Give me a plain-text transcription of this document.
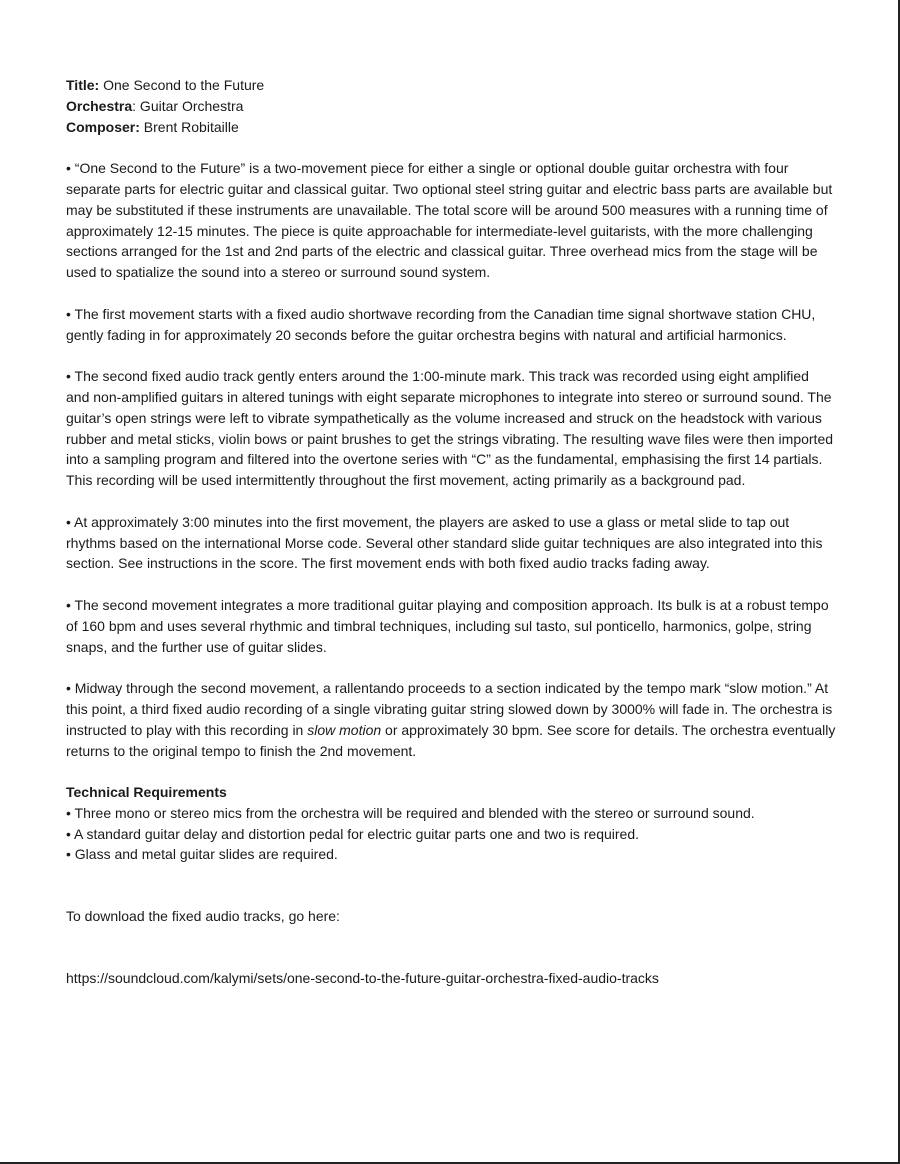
Title: One Second to the Future

Orchestra: Guitar Orchestra

Composer: Brent Robitaille

• “One Second to the Future” is a two-movement piece for either a single or optional double guitar orchestra with four separate parts for electric guitar and classical guitar. Two optional steel string guitar and electric bass parts are available but may be substituted if these instruments are unavailable. The total score will be around 500 measures with a running time of approximately 12-15 minutes. The piece is quite approachable for intermediate-level guitarists, with the more challenging sections arranged for the 1st and 2nd parts of the electric and classical guitar. Three overhead mics from the stage will be used to spatialize the sound into a stereo or surround sound system.

• The first movement starts with a fixed audio shortwave recording from the Canadian time signal shortwave station CHU, gently fading in for approximately 20 seconds before the guitar orchestra begins with natural and artificial harmonics.

• The second fixed audio track gently enters around the 1:00-minute mark. This track was recorded using eight amplified and non-amplified guitars in altered tunings with eight separate microphones to integrate into stereo or surround sound. The guitar’s open strings were left to vibrate sympathetically as the volume increased and struck on the headstock with various rubber and metal sticks, violin bows or paint brushes to get the strings vibrating. The resulting wave files were then imported into a sampling program and filtered into the overtone series with “C” as the fundamental, emphasising the first 14 partials. This recording will be used intermittently throughout the first movement, acting primarily as a background pad.

• At approximately 3:00 minutes into the first movement, the players are asked to use a glass or metal slide to tap out rhythms based on the international Morse code. Several other standard slide guitar techniques are also integrated into this section. See instructions in the score. The first movement ends with both fixed audio tracks fading away.

• The second movement integrates a more traditional guitar playing and composition approach. Its bulk is at a robust tempo of 160 bpm and uses several rhythmic and timbral techniques, including sul tasto, sul ponticello, harmonics, golpe, string snaps, and the further use of guitar slides.

• Midway through the second movement, a rallentando proceeds to a section indicated by the tempo mark “slow motion.” At this point, a third fixed audio recording of a single vibrating guitar string slowed down by 3000% will fade in. The orchestra is instructed to play with this recording in slow motion or approximately 30 bpm. See score for details. The orchestra eventually returns to the original tempo to finish the 2nd movement.

Technical Requirements

• Three mono or stereo mics from the orchestra will be required and blended with the stereo or surround sound.

• A standard guitar delay and distortion pedal for electric guitar parts one and two is required.

• Glass and metal guitar slides are required.

To download the fixed audio tracks, go here:

https://soundcloud.com/kalymi/sets/one-second-to-the-future-guitar-orchestra-fixed-audio-tracks
